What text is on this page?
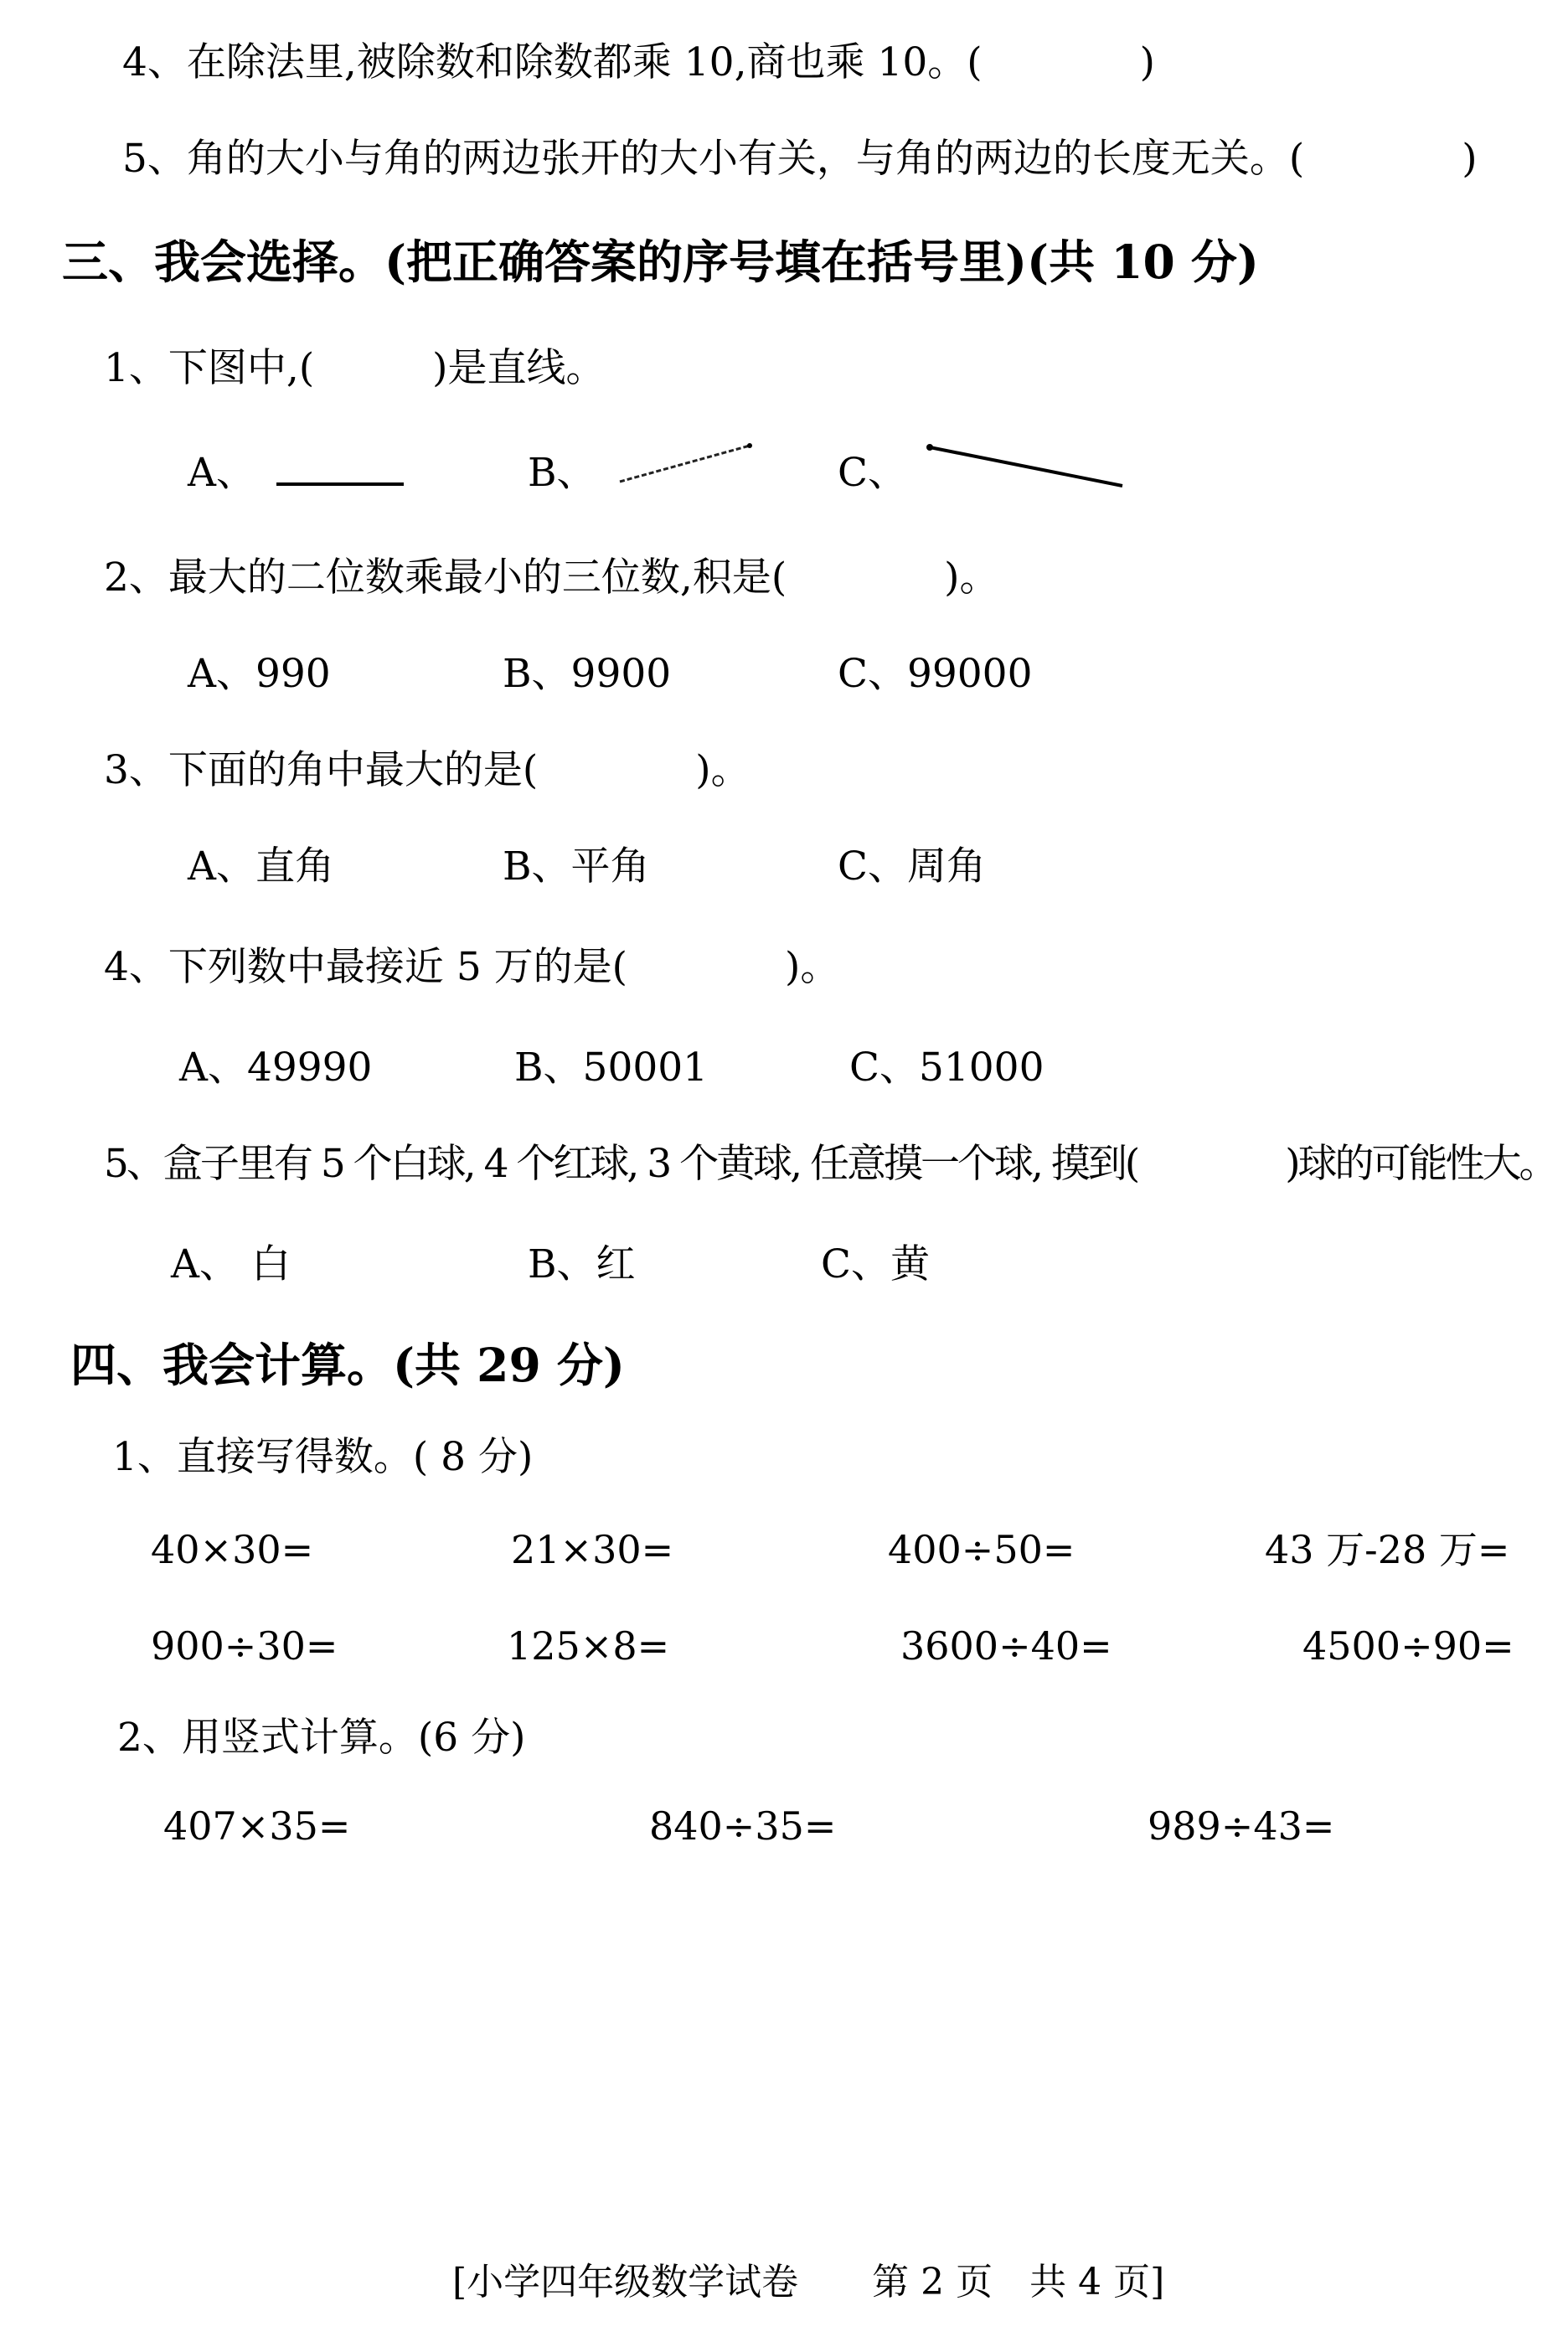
4、在除法里,被除数和除数都乘 10,商也乘 10。(　　　　)
5、角的大小与角的两边张开的大小有关，与角的两边的长度无关。(　　　　)
三、我会选择。(把正确答案的序号填在括号里)(共 10 分)
1、下图中,(　　　)是直线。
A、	B、	C、
2、最大的二位数乘最小的三位数,积是(　　　　)。
A、990	B、9900	C、99000
3、下面的角中最大的是(　　　　)。
A、直角	B、平角	C、周角
4、下列数中最接近 5 万的是(　　　　)。
A、49990	B、50001	C、51000
5、盒子里有 5 个白球, 4 个红球, 3 个黄球, 任意摸一个球, 摸到(　　　　)球的可能性大。
A、 白	B、红	C、黄
四、我会计算。(共 29 分)
1、直接写得数。( 8 分)
40×30=	21×30=	400÷50=	43 万-28 万=
900÷30=	125×8=	3600÷40=	4500÷90=
2、用竖式计算。(6 分)
407×35=	840÷35=	989÷43=
[小学四年级数学试卷　　第 2 页　共 4 页]
